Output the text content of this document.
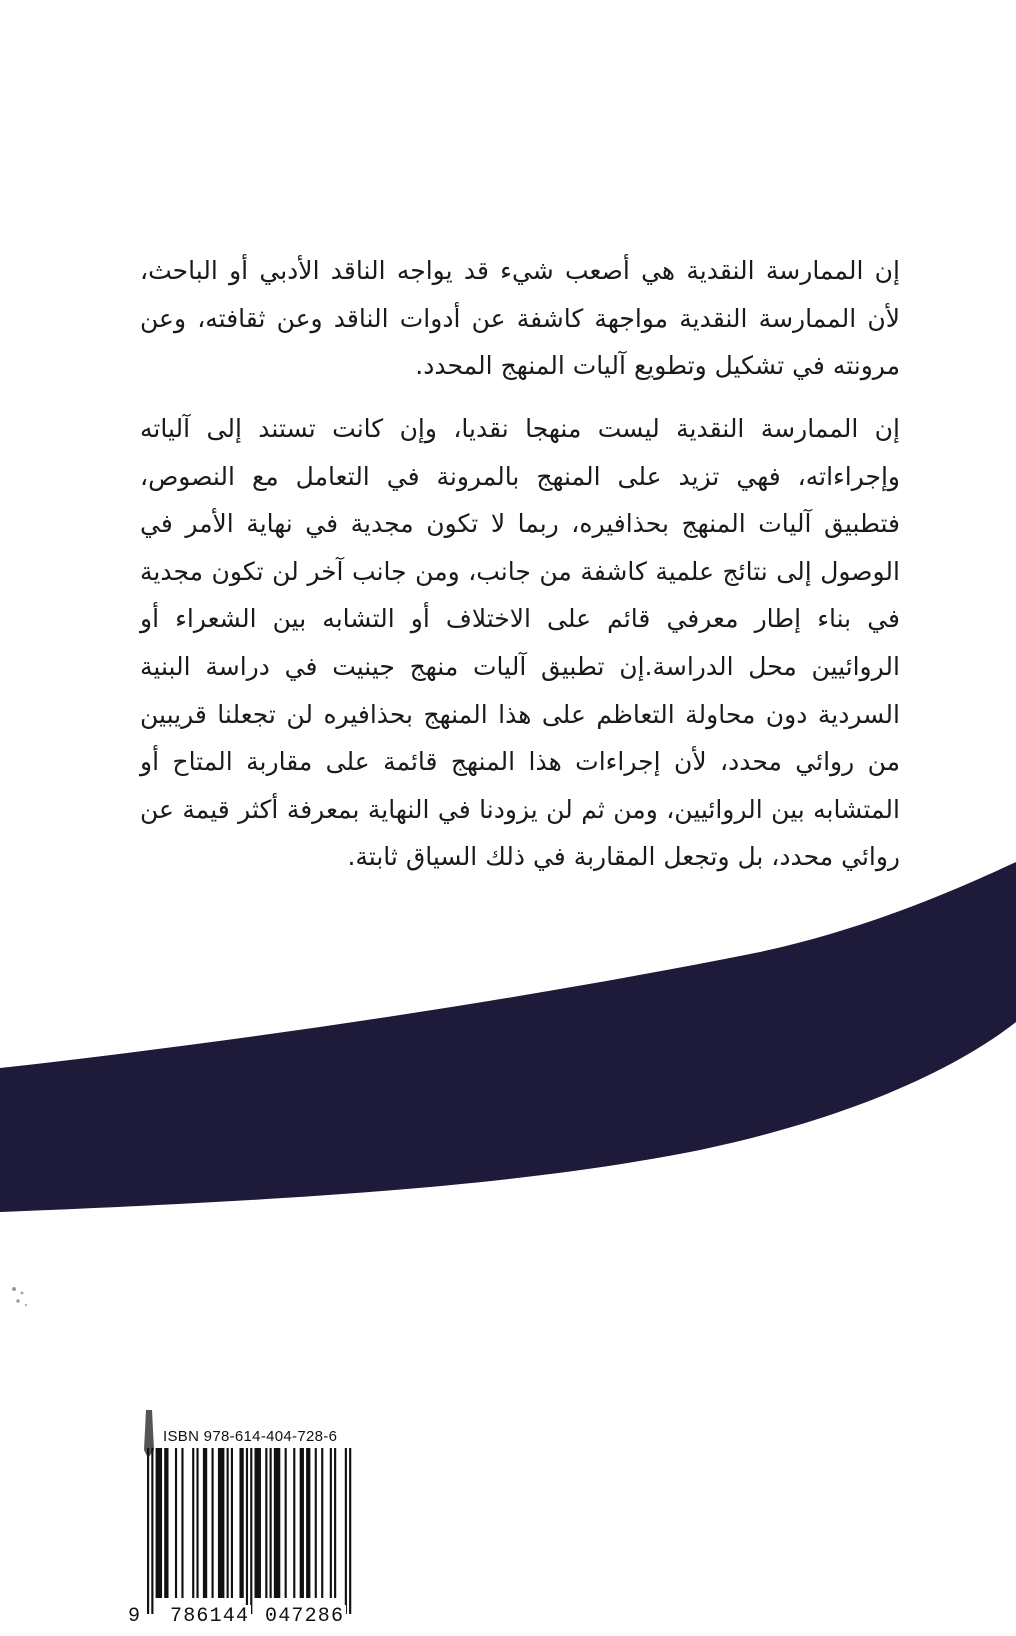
إن الممارسة النقدية هي أصعب شيء قد يواجه الناقد الأدبي أو الباحث، لأن الممارسة النقدية مواجهة كاشفة عن أدوات الناقد وعن ثقافته، وعن مرونته في تشكيل وتطويع آليات المنهج المحدد.

إن الممارسة النقدية ليست منهجا نقديا، وإن كانت تستند إلى آلياته وإجراءاته، فهي تزيد على المنهج بالمرونة في التعامل مع النصوص، فتطبيق آليات المنهج بحذافيره، ربما لا تكون مجدية في نهاية الأمر في الوصول إلى نتائج علمية كاشفة من جانب، ومن جانب آخر لن تكون مجدية في بناء إطار معرفي قائم على الاختلاف أو التشابه بين الشعراء أو الروائيين محل الدراسة.إن تطبيق آليات منهج جينيت في دراسة البنية السردية دون محاولة التعاظم على هذا المنهج بحذافيره لن تجعلنا قريبين من روائي محدد، لأن إجراءات هذا المنهج قائمة على مقاربة المتاح أو المتشابه بين الروائيين، ومن ثم لن يزودنا في النهاية بمعرفة أكثر قيمة عن روائي محدد، بل وتجعل المقاربة في ذلك السياق ثابتة.

ISBN 978-614-404-728-6
9 786144 047286
